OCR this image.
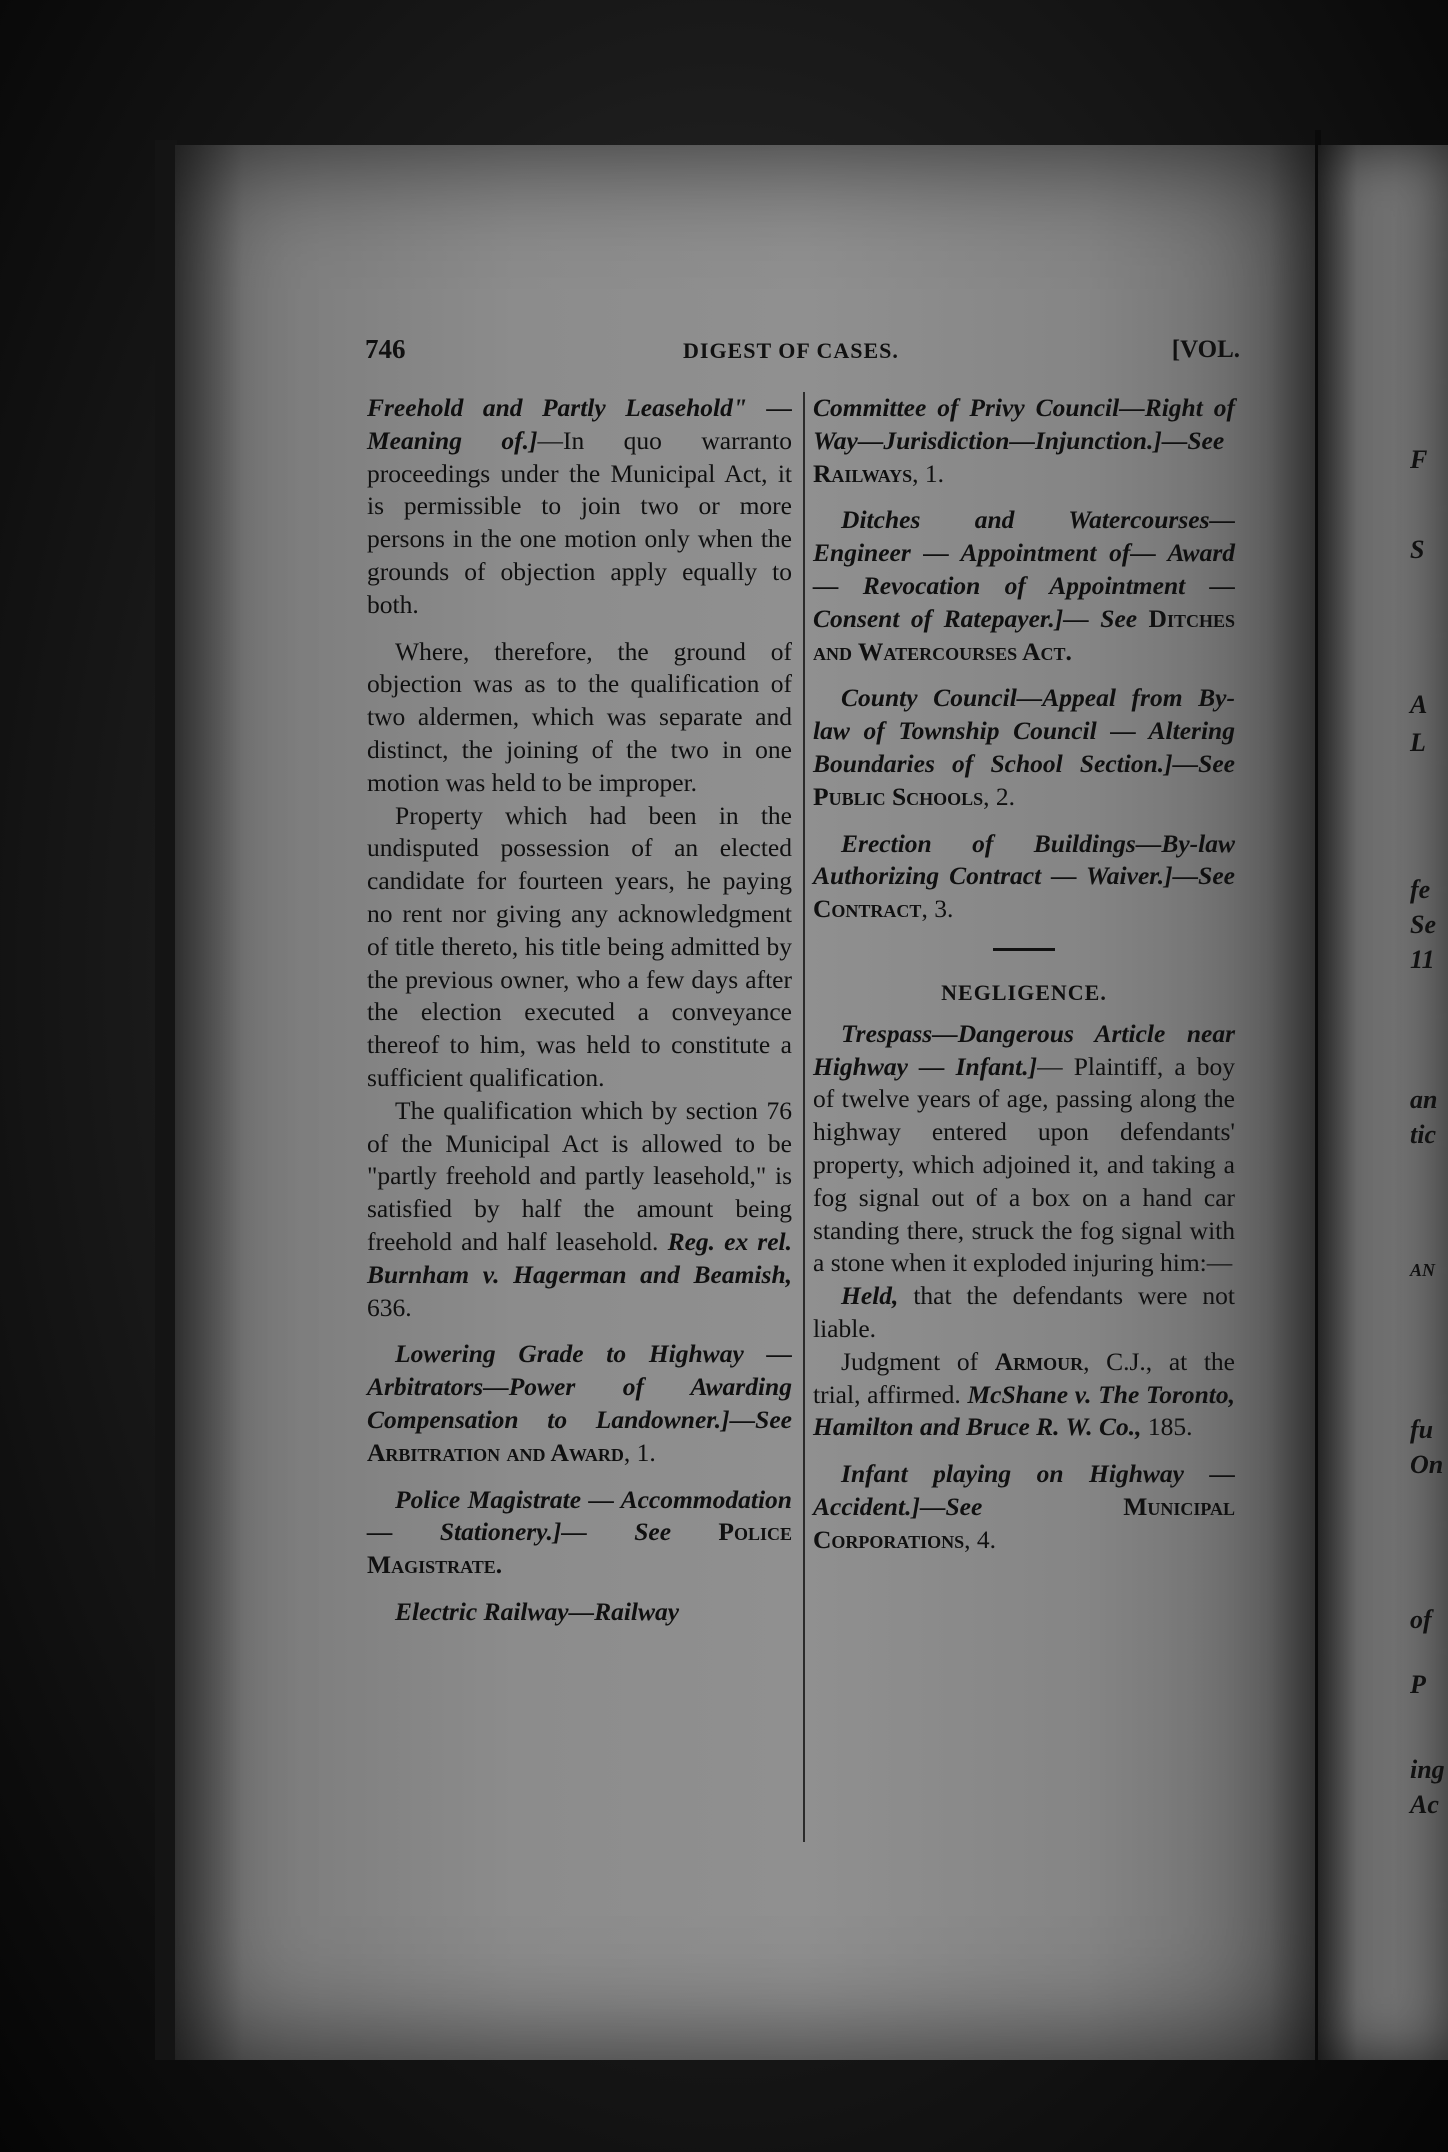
746	DIGEST OF CASES.	[VOL.

Freehold and Partly Leasehold" —Meaning of.]—In quo warranto proceedings under the Municipal Act, it is permissible to join two or more persons in the one motion only when the grounds of objection apply equally to both.

Where, therefore, the ground of objection was as to the qualification of two aldermen, which was separate and distinct, the joining of the two in one motion was held to be improper.

Property which had been in the undisputed possession of an elected candidate for fourteen years, he paying no rent nor giving any acknowledgment of title thereto, his title being admitted by the previous owner, who a few days after the election executed a conveyance thereof to him, was held to constitute a sufficient qualification.

The qualification which by section 76 of the Municipal Act is allowed to be "partly freehold and partly leasehold," is satisfied by half the amount being freehold and half leasehold. Reg. ex rel. Burnham v. Hagerman and Beamish, 636.

Lowering Grade to Highway —Arbitrators—Power of Awarding Compensation to Landowner.]—See Arbitration and Award, 1.

Police Magistrate — Accommodation — Stationery.]— See Police Magistrate.

Electric Railway—Railway

Committee of Privy Council—Right of Way—Jurisdiction—Injunction.]—See Railways, 1.

Ditches and Watercourses—Engineer — Appointment of— Award — Revocation of Appointment — Consent of Ratepayer.]— See Ditches and Watercourses Act.

County Council—Appeal from By-law of Township Council — Altering Boundaries of School Section.]—See Public Schools, 2.

Erection of Buildings—By-law Authorizing Contract — Waiver.]—See Contract, 3.

NEGLIGENCE.

Trespass—Dangerous Article near Highway — Infant.]— Plaintiff, a boy of twelve years of age, passing along the highway entered upon defendants' property, which adjoined it, and taking a fog signal out of a box on a hand car standing there, struck the fog signal with a stone when it exploded injuring him:—

Held, that the defendants were not liable.

Judgment of Armour, C.J., at the trial, affirmed. McShane v. The Toronto, Hamilton and Bruce R. W. Co., 185.

Infant playing on Highway —Accident.]—See	Municipal Corporations, 4.

F
S
A
L
fe
Se
11
an
tic
AN
fu
On
of
P
ing
Ac
